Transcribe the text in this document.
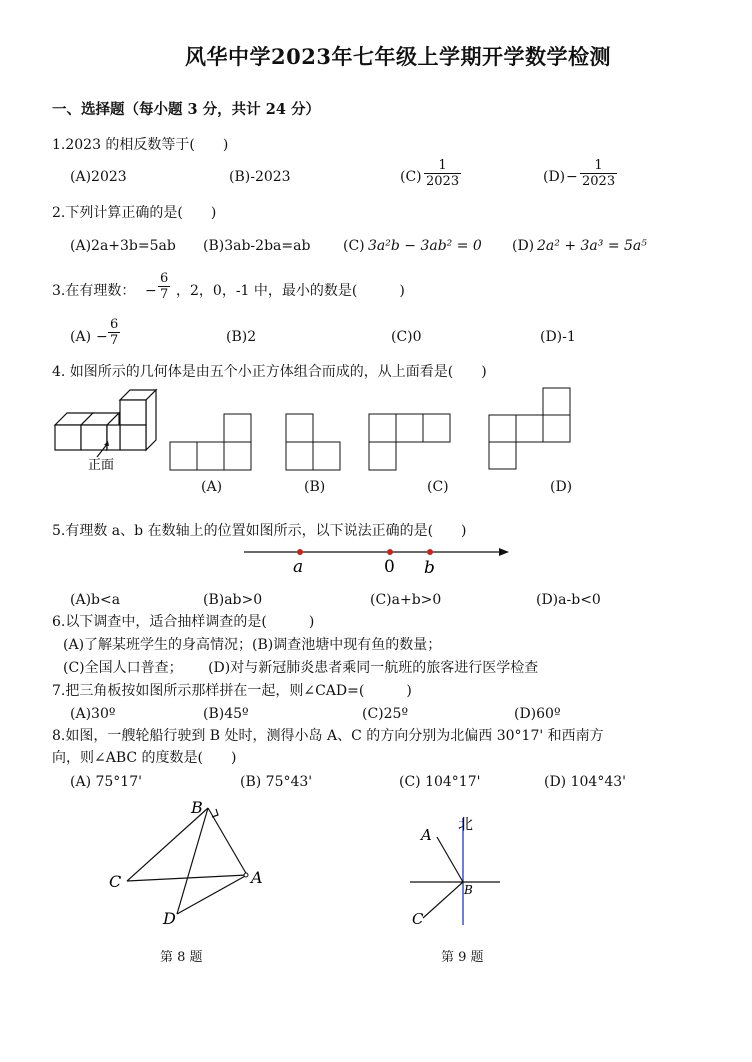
风华中学2023年七年级上学期开学数学检测
一、选择题（每小题 3 分，共计 24 分）
1.2023 的相反数等于(　　)
(A)2023	(B)-2023	$(C) \frac{1}{2023}$	$(D) - \frac{1}{2023}$
2.下列计算正确的是(　　)
(A)2a+3b=5ab (B)3ab-2ba=ab (C) 3a²b − 3ab² = 0 (D) 2a² + 3a³ = 5a⁵
3.在有理数： − $\frac{6}{7}$ ，2，0，-1 中，最小的数是(　　　)
$(A) - \frac{6}{7}$	(B)2	(C)0	(D)-1
4. 如图所示的几何体是由五个小正方体组合而成的，从上面看是(　　)
正面
(A)	(B)	(C)	(D)
5.有理数 a、b 在数轴上的位置如图所示，以下说法正确的是(　　)
a	0 b
(A)b<a	(B)ab>0	(C)a+b>0	(D)a-b<0
6.以下调查中，适合抽样调查的是(　　　)
(A)了解某班学生的身高情况；(B)调查池塘中现有鱼的数量；
(C)全国人口普查；　　 (D)对与新冠肺炎患者乘同一航班的旅客进行医学检查
7.把三角板按如图所示那样拼在一起，则∠CAD=(　　　)
(A)30º	(B)45º	(C)25º	(D)60º
8.如图，一艘轮船行驶到 B 处时，测得小岛 A、C 的方向分别为北偏西 30°17' 和西南方
向，则∠ABC 的度数是(　　)
(A) 75°17'	(B) 75°43'	(C) 104°17'	(D) 104°43'
B
C	A
D
第 8 题
北
A
B
C
第 9 题
